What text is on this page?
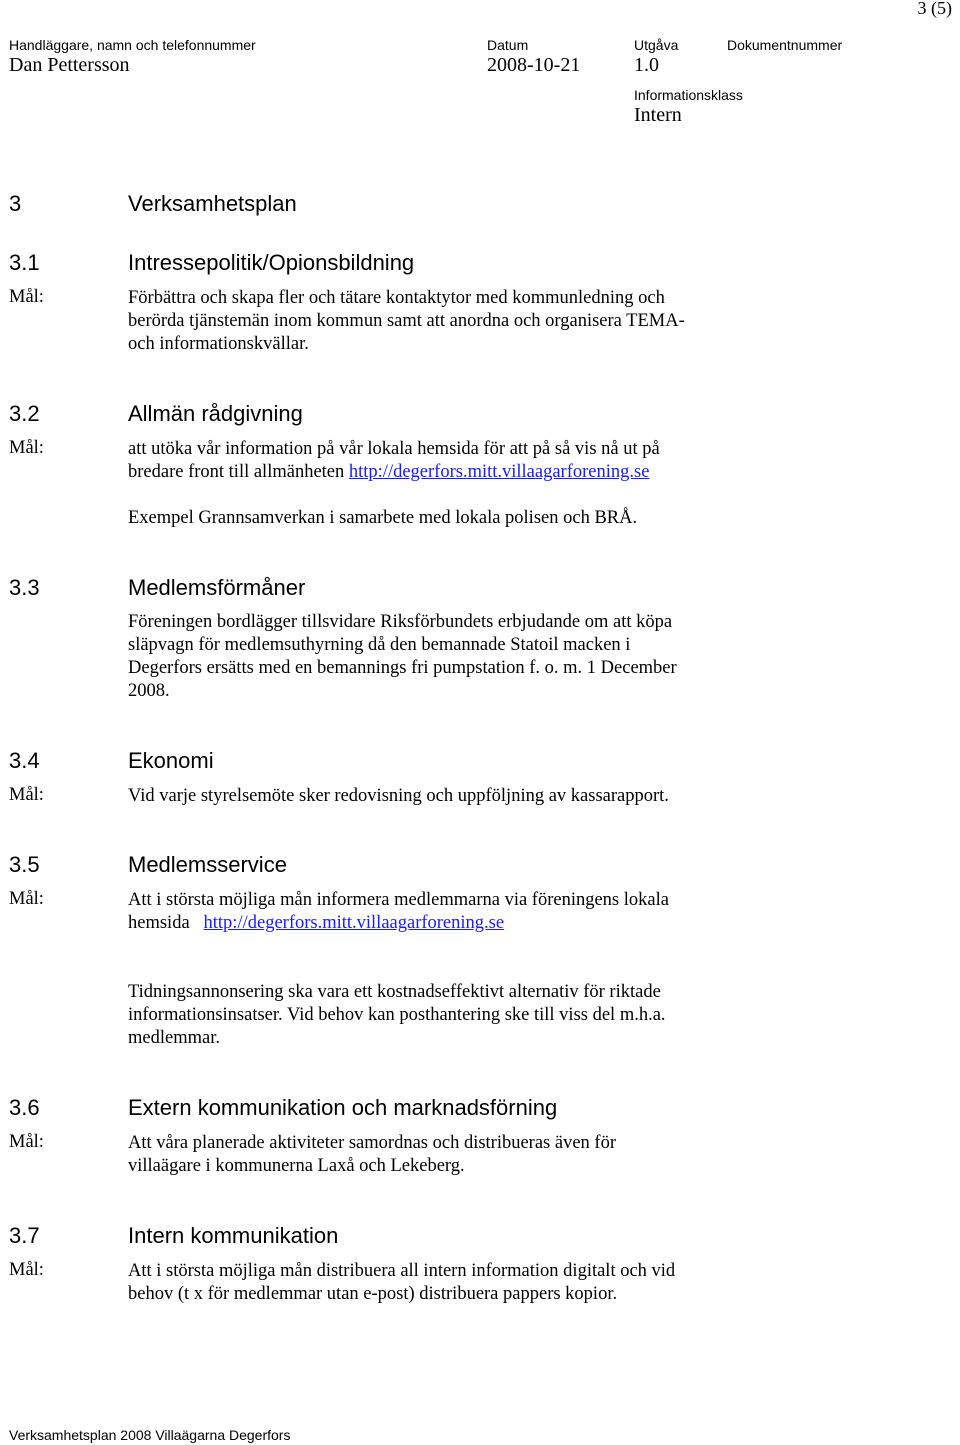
3 (5)
Handläggare, namn och telefonnummer
Dan Pettersson
Datum
2008-10-21
Utgåva
1.0
Dokumentnummer
Informationsklass
Intern
3	Verksamhetsplan
3.1	Intressepolitik/Opionsbildning
Mål:	Förbättra och skapa fler och tätare kontaktytor med kommunledning och
berörda tjänstemän inom kommun samt att anordna och organisera TEMA-
och informationskvällar.
3.2	Allmän rådgivning
Mål:	att utöka vår information på vår lokala hemsida för att på så vis nå ut på
bredare front till allmänheten http://degerfors.mitt.villaagarforening.se
Exempel Grannsamverkan i samarbete med lokala polisen och BRÅ.
3.3	Medlemsförmåner
Föreningen bordlägger tillsvidare Riksförbundets erbjudande om att köpa
släpvagn för medlemsuthyrning då den bemannade Statoil macken i
Degerfors ersätts med en bemannings fri pumpstation f. o. m. 1 December
2008.
3.4	Ekonomi
Mål:	Vid varje styrelsemöte sker redovisning och uppföljning av kassarapport.
3.5	Medlemsservice
Mål:	Att i största möjliga mån informera medlemmarna via föreningens lokala
hemsida   http://degerfors.mitt.villaagarforening.se
Tidningsannonsering ska vara ett kostnadseffektivt alternativ för riktade
informationsinsatser. Vid behov kan posthantering ske till viss del m.h.a.
medlemmar.
3.6	Extern kommunikation och marknadsförning
Mål:	Att våra planerade aktiviteter samordnas och distribueras även för
villaägare i kommunerna Laxå och Lekeberg.
3.7	Intern kommunikation
Mål:	Att i största möjliga mån distribuera all intern information digitalt och vid
behov (t x för medlemmar utan e-post) distribuera pappers kopior.
Verksamhetsplan 2008 Villaägarna Degerfors
